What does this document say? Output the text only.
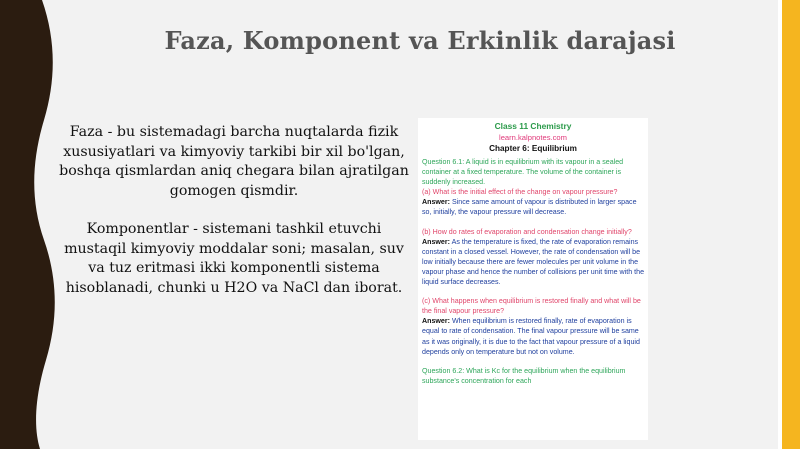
Faza, Komponent va Erkinlik darajasi

Faza - bu sistemadagi barcha nuqtalarda fizik xususiyatlari va kimyoviy tarkibi bir xil bo'lgan, boshqa qismlardan aniq chegara bilan ajratilgan gomogen qismdir.

Komponentlar - sistemani tashkil etuvchi mustaqil kimyoviy moddalar soni; masalan, suv va tuz eritmasi ikki komponentli sistema hisoblanadi, chunki u H2O va NaCl dan iborat.

Class 11 Chemistry
learn.kalpnotes.com
Chapter 6: Equilibrium

Question 6.1: A liquid is in equilibrium with its vapour in a sealed container at a fixed temperature. The volume of the container is suddenly increased.

(a) What is the initial effect of the change on vapour pressure?

Answer: Since same amount of vapour is distributed in larger space so, initially, the vapour pressure will decrease.

(b) How do rates of evaporation and condensation change initially?

Answer: As the temperature is fixed, the rate of evaporation remains constant in a closed vessel. However, the rate of condensation will be low initially because there are fewer molecules per unit volume in the vapour phase and hence the number of collisions per unit time with the liquid surface decreases.

(c) What happens when equilibrium is restored finally and what will be the final vapour pressure?

Answer: When equilibrium is restored finally, rate of evaporation is equal to rate of condensation. The final vapour pressure will be same as it was originally, it is due to the fact that vapour pressure of a liquid depends only on temperature but not on volume.

Question 6.2: What is Kc for the equilibrium when the equilibrium substance's concentration for each
